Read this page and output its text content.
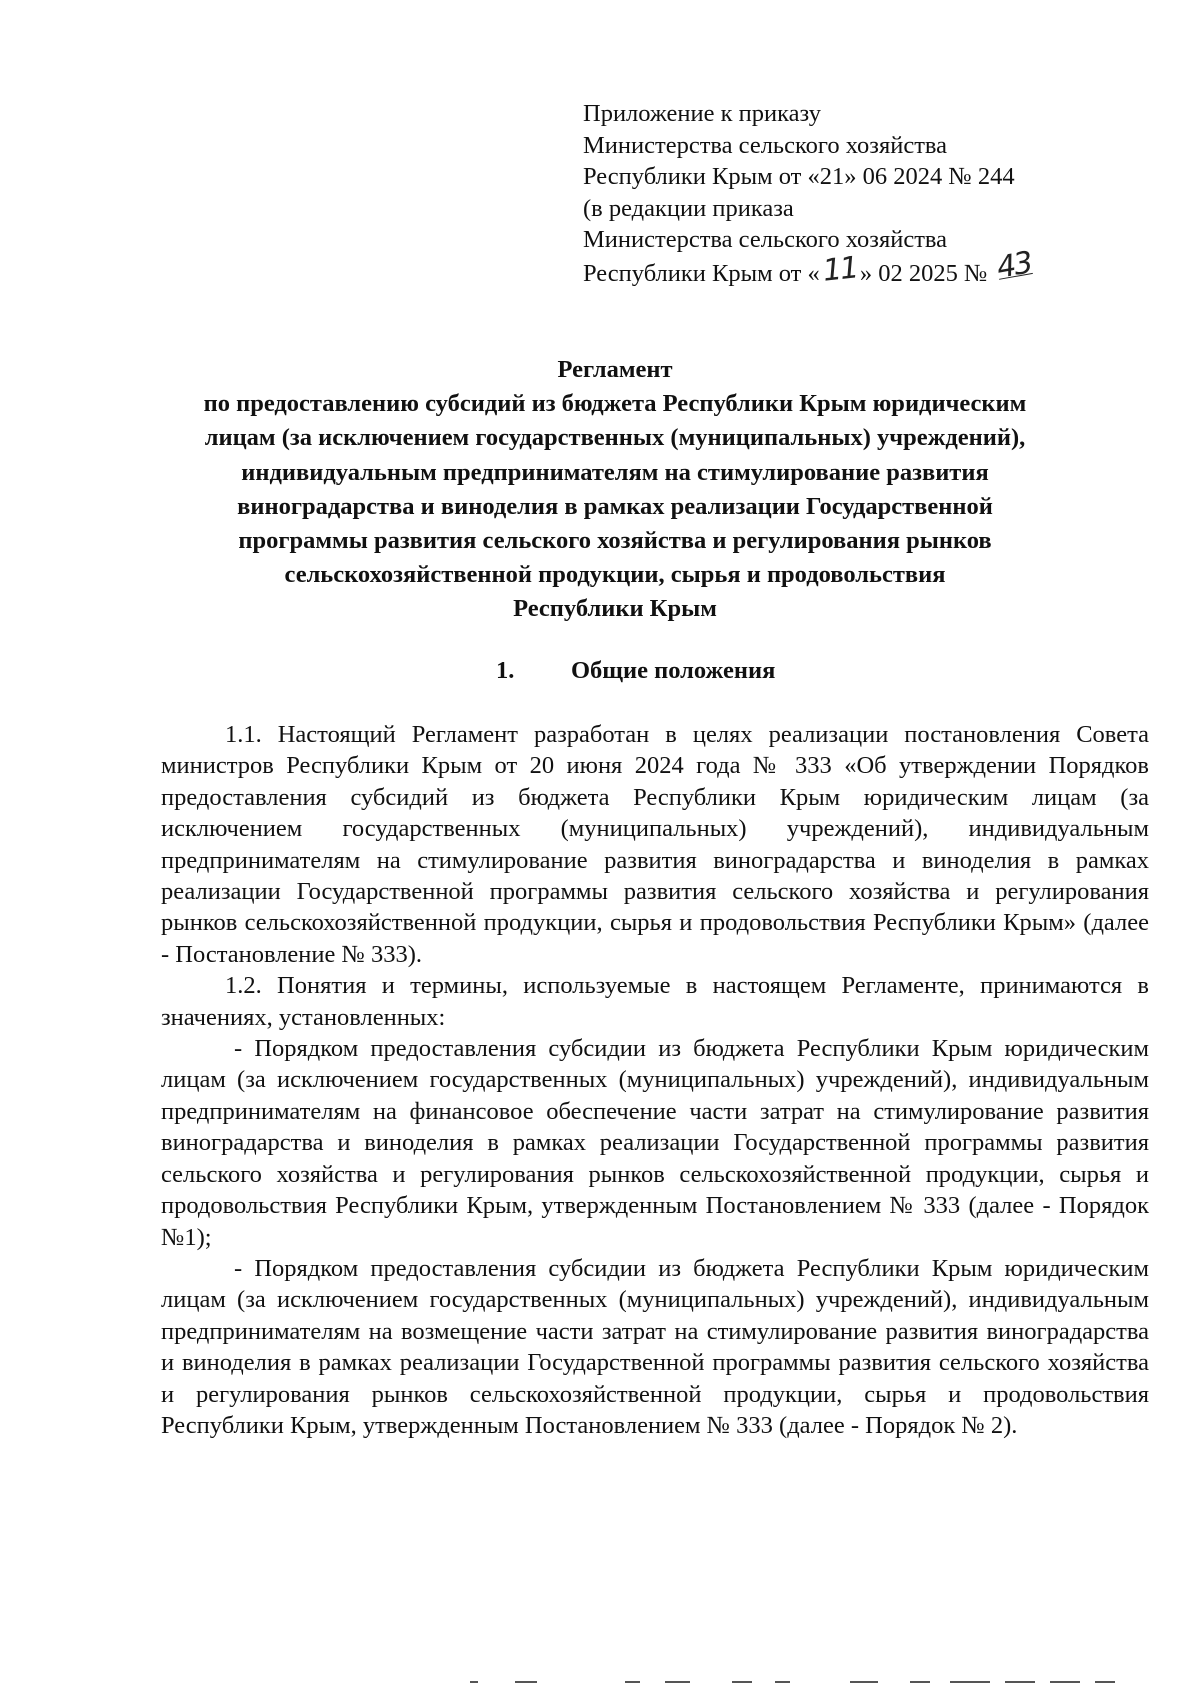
Приложение к приказу
Министерства сельского хозяйства
Республики Крым от «21» 06 2024 № 244
(в редакции приказа
Министерства сельского хозяйства
Республики Крым от «11» 02 2025 № 43
Регламент
по предоставлению субсидий из бюджета Республики Крым юридическим
лицам (за исключением государственных (муниципальных) учреждений),
индивидуальным предпринимателям на стимулирование развития
виноградарства и виноделия в рамках реализации Государственной
программы развития сельского хозяйства и регулирования рынков
сельскохозяйственной продукции, сырья и продовольствия
Республики Крым
1. Общие положения

1.1. Настоящий Регламент разработан в целях реализации постановления Совета министров Республики Крым от 20 июня 2024 года № 333 «Об утверждении Порядков предоставления субсидий из бюджета Республики Крым юридическим лицам (за исключением государственных (муниципальных) учреждений), индивидуальным предпринимателям на стимулирование развития виноградарства и виноделия в рамках реализации Государственной программы развития сельского хозяйства и регулирования рынков сельскохозяйственной продукции, сырья и продовольствия Республики Крым» (далее - Постановление № 333).

1.2. Понятия и термины, используемые в настоящем Регламенте, принимаются в значениях, установленных:

- Порядком предоставления субсидии из бюджета Республики Крым юридическим лицам (за исключением государственных (муниципальных) учреждений), индивидуальным предпринимателям на финансовое обеспечение части затрат на стимулирование развития виноградарства и виноделия в рамках реализации Государственной программы развития сельского хозяйства и регулирования рынков сельскохозяйственной продукции, сырья и продовольствия Республики Крым, утвержденным Постановлением № 333 (далее - Порядок №1);

- Порядком предоставления субсидии из бюджета Республики Крым юридическим лицам (за исключением государственных (муниципальных) учреждений), индивидуальным предпринимателям на возмещение части затрат на стимулирование развития виноградарства и виноделия в рамках реализации Государственной программы развития сельского хозяйства и регулирования рынков сельскохозяйственной продукции, сырья и продовольствия Республики Крым, утвержденным Постановлением № 333 (далее - Порядок № 2).
